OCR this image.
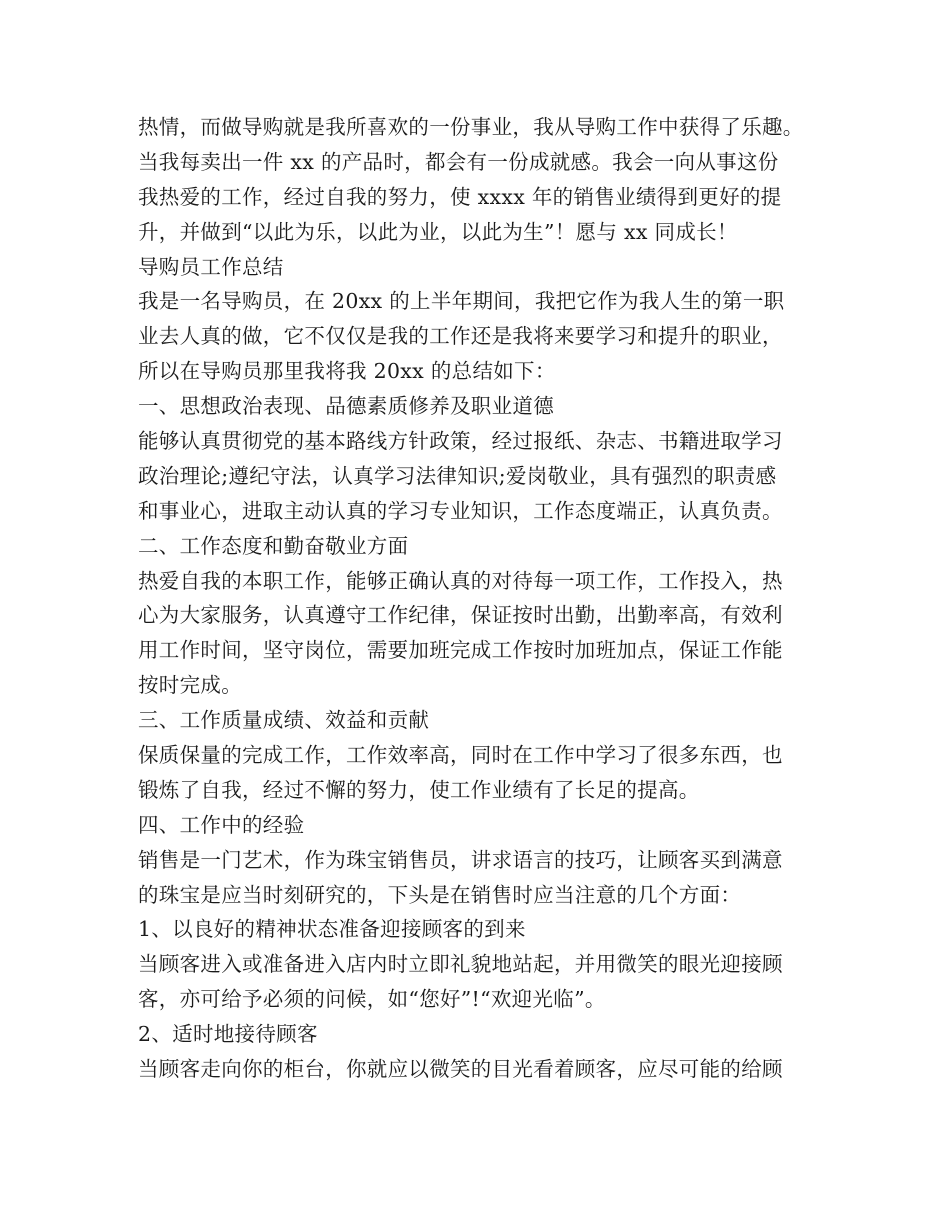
热情，而做导购就是我所喜欢的一份事业，我从导购工作中获得了乐趣。
当我每卖出一件 xx 的产品时，都会有一份成就感。我会一向从事这份
我热爱的工作，经过自我的努力，使 xxxx 年的销售业绩得到更好的提
升，并做到“以此为乐，以此为业，以此为生”！愿与 xx 同成长！
导购员工作总结
我是一名导购员，在 20xx 的上半年期间，我把它作为我人生的第一职
业去人真的做，它不仅仅是我的工作还是我将来要学习和提升的职业，
所以在导购员那里我将我 20xx 的总结如下：
一、思想政治表现、品德素质修养及职业道德
能够认真贯彻党的基本路线方针政策，经过报纸、杂志、书籍进取学习
政治理论;遵纪守法，认真学习法律知识;爱岗敬业，具有强烈的职责感
和事业心，进取主动认真的学习专业知识，工作态度端正，认真负责。
二、工作态度和勤奋敬业方面
热爱自我的本职工作，能够正确认真的对待每一项工作，工作投入，热
心为大家服务，认真遵守工作纪律，保证按时出勤，出勤率高，有效利
用工作时间，坚守岗位，需要加班完成工作按时加班加点，保证工作能
按时完成。
三、工作质量成绩、效益和贡献
保质保量的完成工作，工作效率高，同时在工作中学习了很多东西，也
锻炼了自我，经过不懈的努力，使工作业绩有了长足的提高。
四、工作中的经验
销售是一门艺术，作为珠宝销售员，讲求语言的技巧，让顾客买到满意
的珠宝是应当时刻研究的，下头是在销售时应当注意的几个方面：
1、以良好的精神状态准备迎接顾客的到来
当顾客进入或准备进入店内时立即礼貌地站起，并用微笑的眼光迎接顾
客，亦可给予必须的问候，如“您好”!“欢迎光临”。
2、适时地接待顾客
当顾客走向你的柜台，你就应以微笑的目光看着顾客，应尽可能的给顾
